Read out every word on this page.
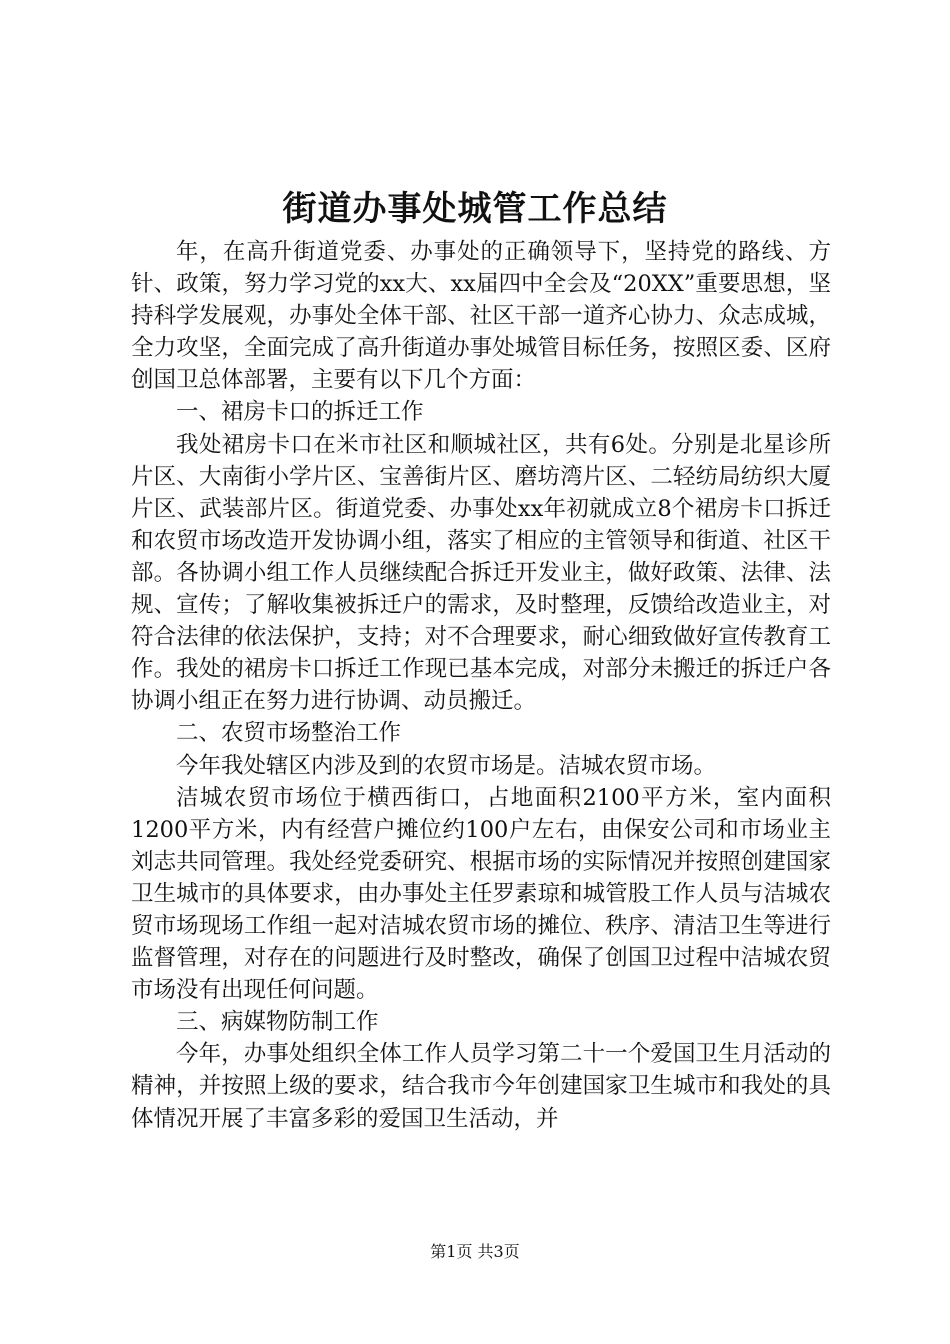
街道办事处城管工作总结

年，在高升街道党委、办事处的正确领导下，坚持党的路线、方针、政策，努力学习党的xx大、xx届四中全会及“20XX”重要思想，坚持科学发展观，办事处全体干部、社区干部一道齐心协力、众志成城，全力攻坚，全面完成了高升街道办事处城管目标任务，按照区委、区府创国卫总体部署，主要有以下几个方面：

一、裙房卡口的拆迁工作

我处裙房卡口在米市社区和顺城社区，共有6处。分别是北星诊所片区、大南街小学片区、宝善街片区、磨坊湾片区、二轻纺局纺织大厦片区、武装部片区。街道党委、办事处xx年初就成立8个裙房卡口拆迁和农贸市场改造开发协调小组，落实了相应的主管领导和街道、社区干部。各协调小组工作人员继续配合拆迁开发业主，做好政策、法律、法规、宣传；了解收集被拆迁户的需求，及时整理，反馈给改造业主，对符合法律的依法保护，支持；对不合理要求，耐心细致做好宣传教育工作。我处的裙房卡口拆迁工作现已基本完成，对部分未搬迁的拆迁户各协调小组正在努力进行协调、动员搬迁。

二、农贸市场整治工作

今年我处辖区内涉及到的农贸市场是。洁城农贸市场。

洁城农贸市场位于横西街口，占地面积2100平方米，室内面积1200平方米，内有经营户摊位约100户左右，由保安公司和市场业主刘志共同管理。我处经党委研究、根据市场的实际情况并按照创建国家卫生城市的具体要求，由办事处主任罗素琼和城管股工作人员与洁城农贸市场现场工作组一起对洁城农贸市场的摊位、秩序、清洁卫生等进行监督管理，对存在的问题进行及时整改，确保了创国卫过程中洁城农贸市场没有出现任何问题。

三、病媒物防制工作

今年，办事处组织全体工作人员学习第二十一个爱国卫生月活动的精神，并按照上级的要求，结合我市今年创建国家卫生城市和我处的具体情况开展了丰富多彩的爱国卫生活动，并

第1页 共3页
